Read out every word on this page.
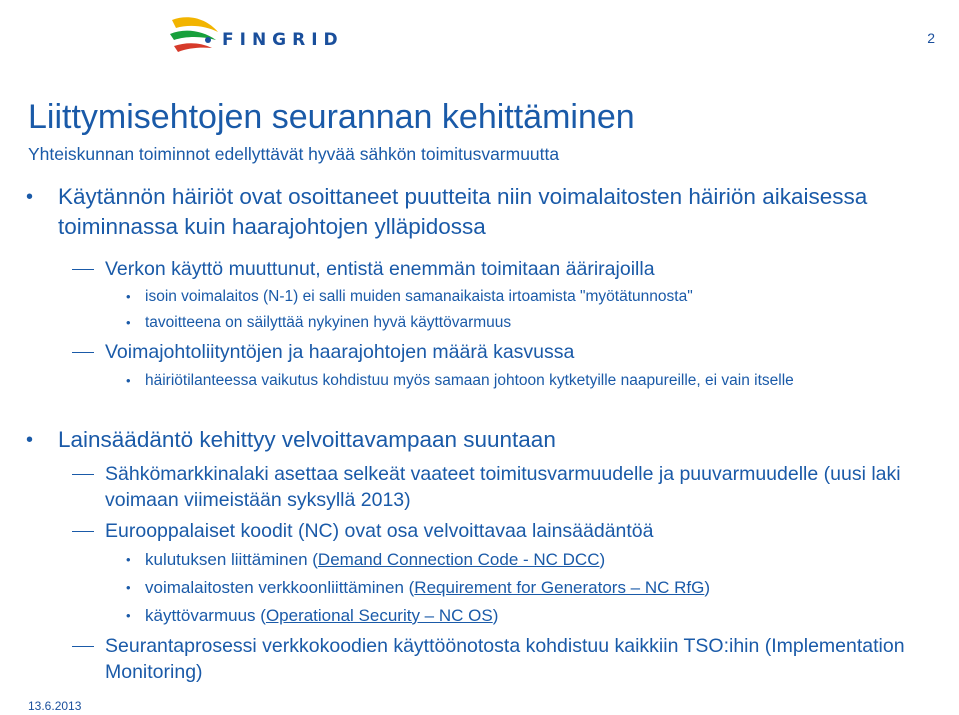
FINGRID	2
Liittymisehtojen seurannan kehittäminen

Yhteiskunnan toiminnot edellyttävät hyvää sähkön toimitusvarmuutta

• Käytännön häiriöt ovat osoittaneet puutteita niin voimalaitosten häiriön aikaisessa toiminnassa kuin haarajohtojen ylläpidossa
Verkon käyttö muuttunut, entistä enemmän toimitaan äärirajoilla
• isoin voimalaitos (N-1) ei salli muiden samanaikaista irtoamista "myötätunnosta"
• tavoitteena on säilyttää nykyinen hyvä käyttövarmuus
Voimajohtoliityntöjen ja haarajohtojen määrä kasvussa
• häiriötilanteessa vaikutus kohdistuu myös samaan johtoon kytketyille naapureille, ei vain itselle
• Lainsäädäntö kehittyy velvoittavampaan suuntaan
Sähkömarkkinalaki asettaa selkeät vaateet toimitusvarmuudelle ja puuvarmuudelle (uusi laki voimaan viimeistään syksyllä 2013)
Eurooppalaiset koodit (NC) ovat osa velvoittavaa lainsäädäntöä
• kulutuksen liittäminen (Demand Connection Code - NC DCC)
• voimalaitosten verkkoonliittäminen (Requirement for Generators – NC RfG)
• käyttövarmuus (Operational Security – NC OS)
Seurantaprosessi verkkokoodien käyttöönotosta kohdistuu kaikkiin TSO:ihin (Implementation Monitoring)
13.6.2013
